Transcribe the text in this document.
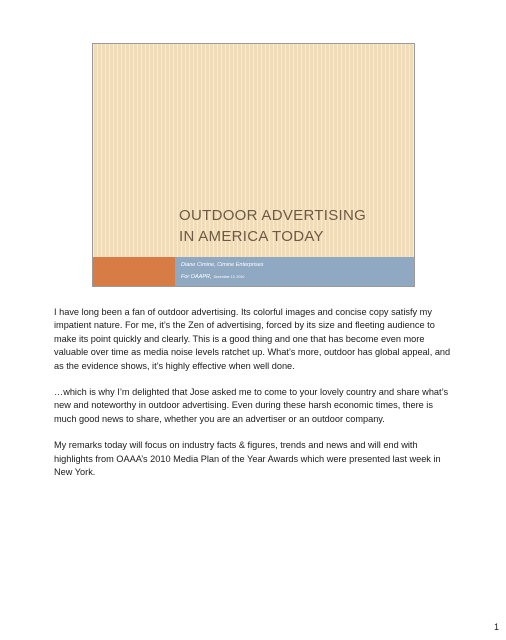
OUTDOOR ADVERTISING
IN AMERICA TODAY
Diane Cimine, Cimine Enterprises
For OAAPR, December 13, 2010

I have long been a fan of outdoor advertising. Its colorful images and concise copy satisfy my impatient nature. For me, it’s the Zen of advertising, forced by its size and fleeting audience to make its point quickly and clearly. This is a good thing and one that has become even more valuable over time as media noise levels ratchet up. What’s more, outdoor has global appeal, and as the evidence shows, it’s highly effective when well done.

…which is why I’m delighted that Jose asked me to come to your lovely country and share what’s new and noteworthy in outdoor advertising. Even during these harsh economic times, there is much good news to share, whether you are an advertiser or an outdoor company.

My remarks today will focus on industry facts & figures, trends and news and will end with highlights from OAAA’s 2010 Media Plan of the Year Awards which were presented last week in New York.

1
